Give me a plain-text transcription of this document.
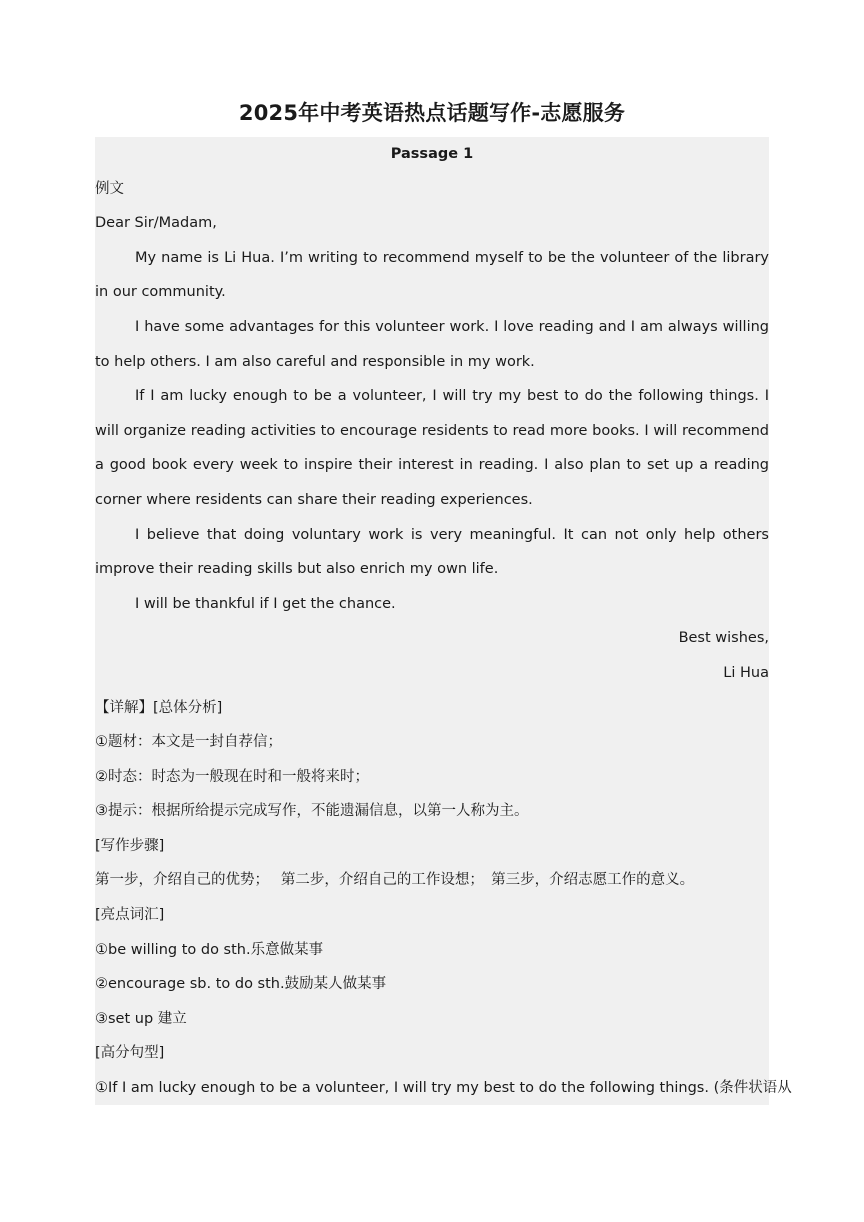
2025年中考英语热点话题写作-志愿服务
Passage 1
例文
Dear Sir/Madam,

My name is Li Hua. I’m writing to recommend myself to be the volunteer of the library in our community.

I have some advantages for this volunteer work. I love reading and I am always willing to help others. I am also careful and responsible in my work.

If I am lucky enough to be a volunteer, I will try my best to do the following things. I will organize reading activities to encourage residents to read more books. I will recommend a good book every week to inspire their interest in reading. I also plan to set up a reading corner where residents can share their reading experiences.

I believe that doing voluntary work is very meaningful. It can not only help others improve their reading skills but also enrich my own life.

I will be thankful if I get the chance.

Best wishes,
Li Hua
【详解】[总体分析]
①题材：本文是一封自荐信；
②时态：时态为一般现在时和一般将来时；
③提示：根据所给提示完成写作，不能遗漏信息，以第一人称为主。
[写作步骤]
第一步，介绍自己的优势；　 第二步，介绍自己的工作设想；　第三步，介绍志愿工作的意义。
[亮点词汇]
①be willing to do sth.乐意做某事
②encourage sb. to do sth.鼓励某人做某事
③set up 建立
[高分句型]
①If I am lucky enough to be a volunteer, I will try my best to do the following things. (条件状语从
